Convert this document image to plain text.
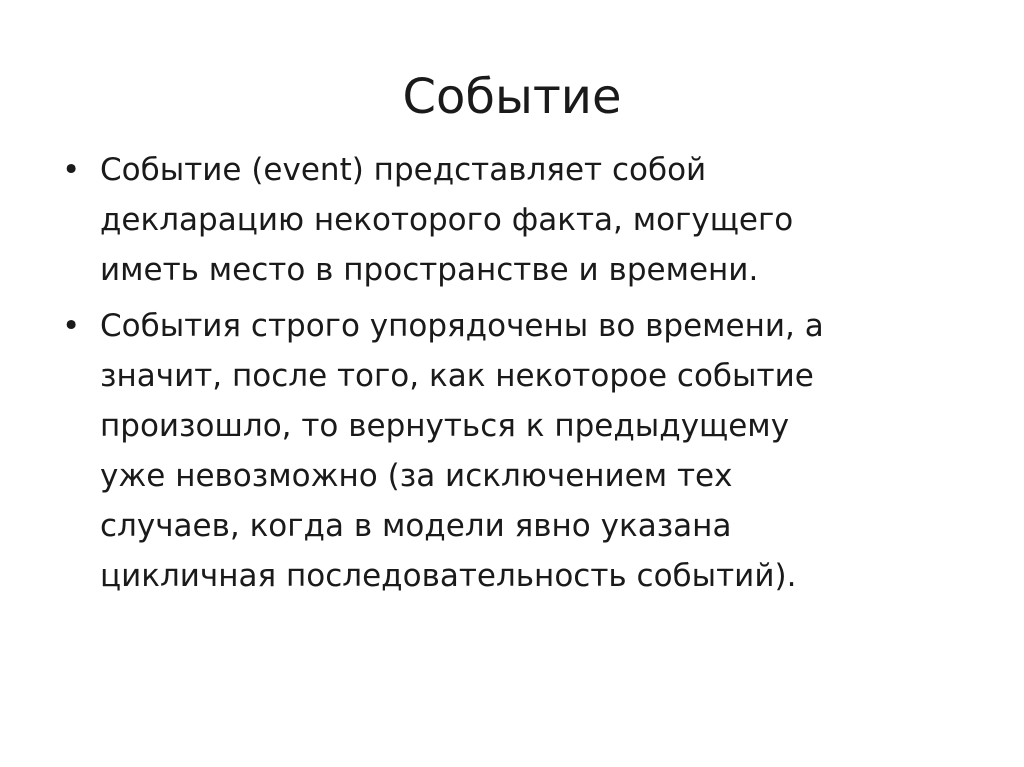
Событие
• Событие (event) представляет собой
декларацию некоторого факта, могущего
иметь место в пространстве и времени.
• События строго упорядочены во времени, а
значит, после того, как некоторое событие
произошло, то вернуться к предыдущему
уже невозможно (за исключением тех
случаев, когда в модели явно указана
цикличная последовательность событий).
